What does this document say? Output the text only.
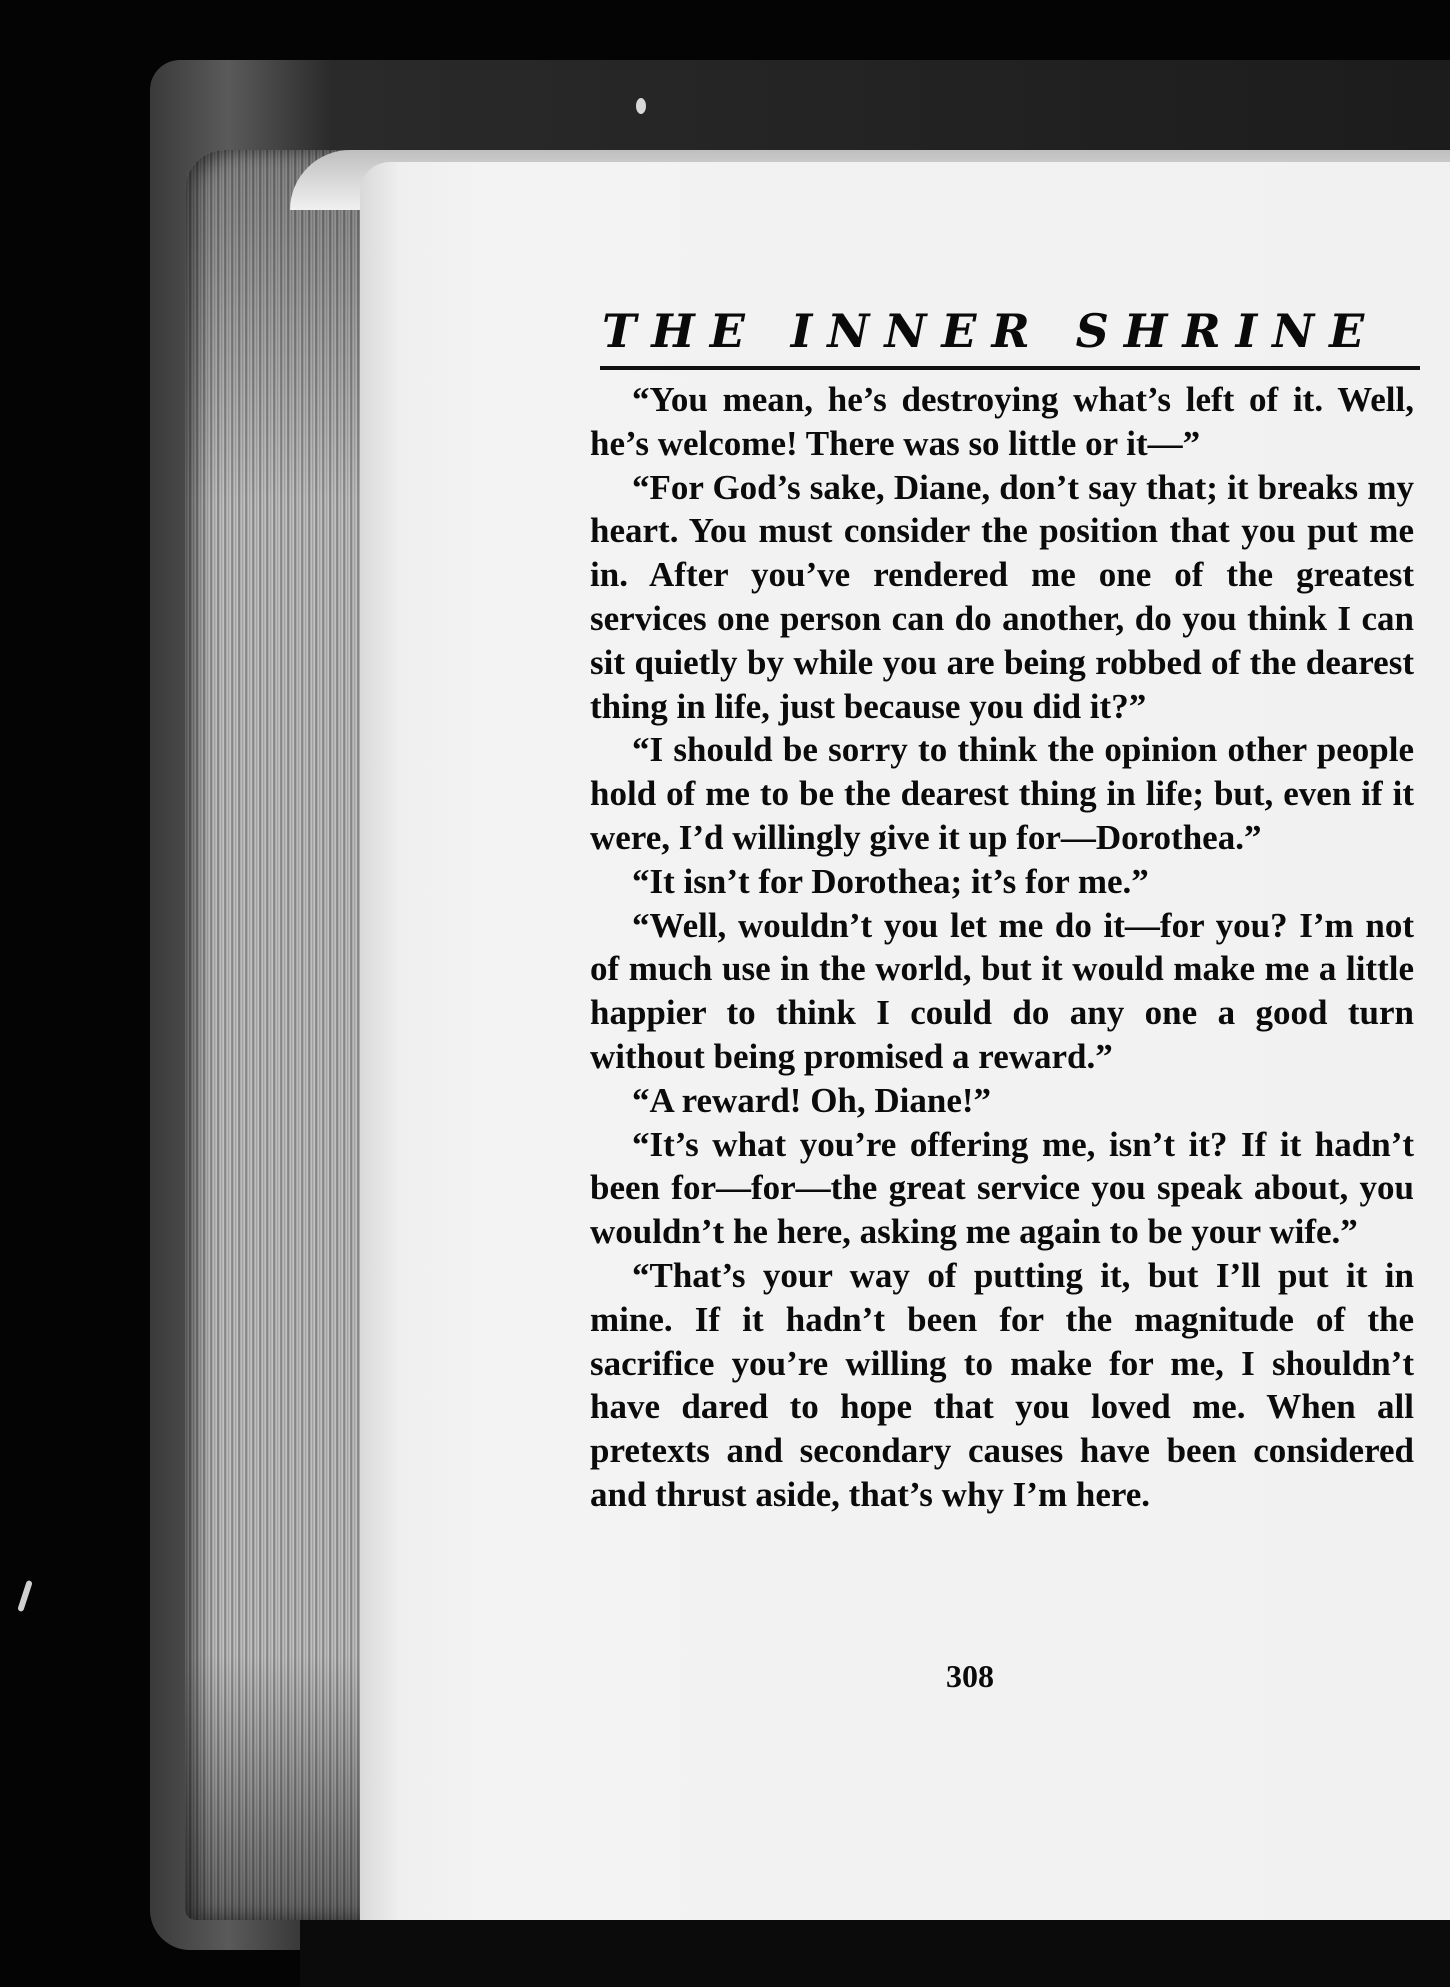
THE INNER SHRINE

“You mean, he’s destroying what’s left of it. Well, he’s welcome! There was so little or it—”

“For God’s sake, Diane, don’t say that; it breaks my heart. You must consider the position that you put me in. After you’ve rendered me one of the greatest services one person can do another, do you think I can sit quietly by while you are being robbed of the dearest thing in life, just because you did it?”

“I should be sorry to think the opinion other people hold of me to be the dearest thing in life; but, even if it were, I’d willingly give it up for—Dorothea.”

“It isn’t for Dorothea; it’s for me.”

“Well, wouldn’t you let me do it—for you? I’m not of much use in the world, but it would make me a little happier to think I could do any one a good turn without being promised a reward.”

“A reward! Oh, Diane!”

“It’s what you’re offering me, isn’t it? If it hadn’t been for—for—the great service you speak about, you wouldn’t he here, asking me again to be your wife.”

“That’s your way of putting it, but I’ll put it in mine. If it hadn’t been for the magnitude of the sacrifice you’re willing to make for me, I shouldn’t have dared to hope that you loved me. When all pretexts and secondary causes have been considered and thrust aside, that’s why I’m here.

308
